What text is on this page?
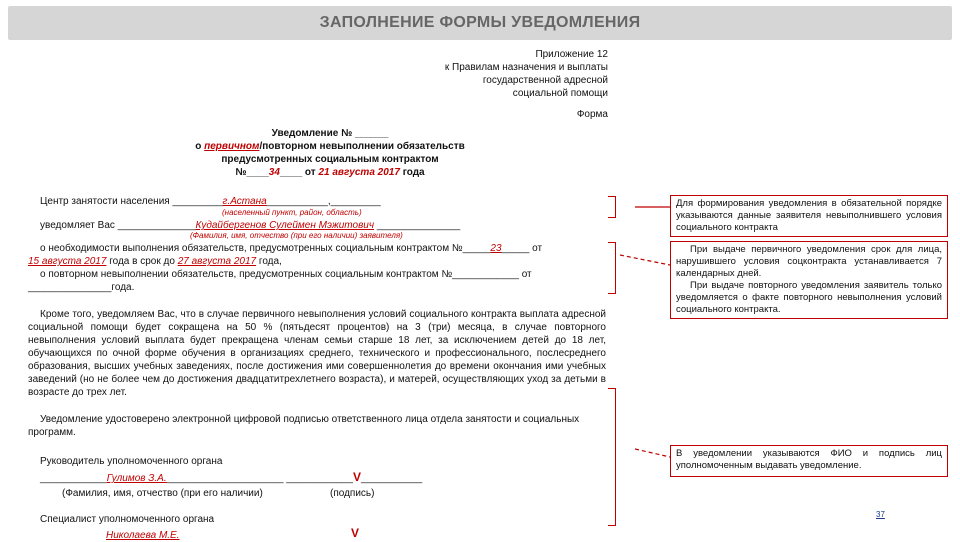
ЗАПОЛНЕНИЕ ФОРМЫ УВЕДОМЛЕНИЯ
Приложение 12
к Правилам назначения и выплаты
государственной адресной
социальной помощи
Форма
Уведомление № ______
о первичном/повторном невыполнении обязательств
предусмотренных социальным контрактом
№____34____ от 21 августа 2017 года
Центр занятости населения _________г.Астана___________,_________
(населенный пункт, район, область)
уведомляет Вас ______________Кудайбергенов Сулеймен Мэжитович _______________
(Фамилия, имя, отчество (при его наличии) заявителя)
о необходимости выполнения обязательств, предусмотренных социальным контрактом №_____23_____ от
15 августа 2017 года в срок до 27 августа 2017 года,
о повторном невыполнении обязательств, предусмотренных социальным контрактом №____________ от
_______________года.
Кроме того, уведомляем Вас, что в случае первичного невыполнения условий социального контракта выплата адресной социальной помощи будет сокращена на 50 % (пятьдесят процентов) на 3 (три) месяца, в случае повторного невыполнения условий выплата будет прекращена членам семьи старше 18 лет, за исключением детей до 18 лет, обучающихся по очной форме обучения в организациях среднего, технического и профессионального, послесреднего образования, высших учебных заведениях, после достижения ими совершеннолетия до времени окончания ими учебных заведений (но не более чем до достижения двадцатитрехлетнего возраста), и матерей, осуществляющих уход за детьми в возрасте до трех лет.
Уведомление удостоверено электронной цифровой подписью ответственного лица отдела занятости и социальных программ.
Руководитель уполномоченного органа
____________Гулимов З.А._____________________ ____________V___________
(Фамилия, имя, отчество (при его наличии)	(подпись)
Специалист уполномоченного органа
Николаева М.Е.	V
Для формирования уведомления в обязательной порядке указываются данные заявителя невыполнившего условия социального контракта
При выдаче первичного уведомления срок для лица, нарушившего условия соцконтракта устанавливается 7 календарных дней.
При выдаче повторного уведомления заявитель только уведомляется о факте повторного невыполнения условий социального контракта.
В уведомлении указываются ФИО и подпись лиц уполномоченным выдавать уведомление.
37
